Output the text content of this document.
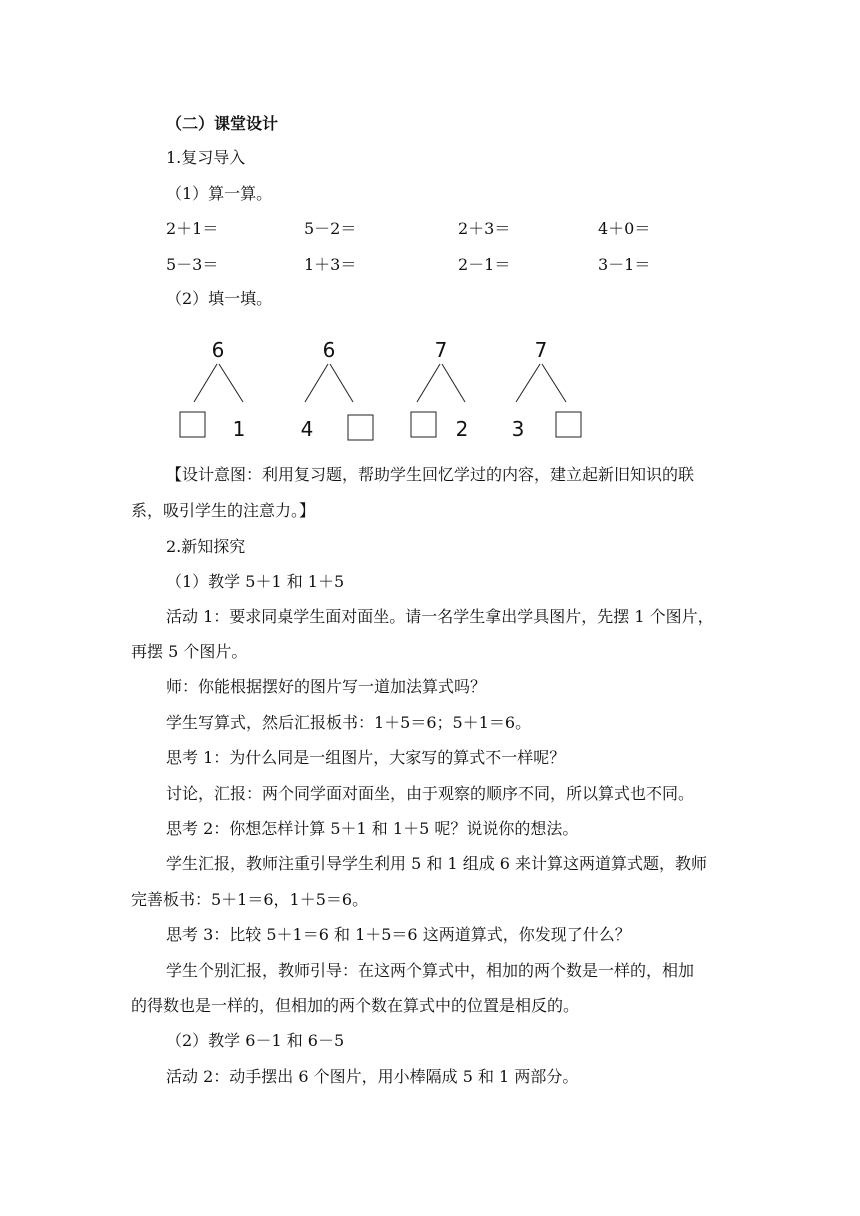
（二）课堂设计
1.复习导入
（1）算一算。
2＋1＝	5－2＝	2＋3＝	4＋0＝
5－3＝	1＋3＝	2－1＝	3－1＝
（2）填一填。
6
1
6
4
7
2
7
3
【设计意图：利用复习题，帮助学生回忆学过的内容，建立起新旧知识的联
系，吸引学生的注意力。】
2.新知探究
（1）教学 5＋1 和 1＋5
活动 1：要求同桌学生面对面坐。请一名学生拿出学具图片，先摆 1 个图片，
再摆 5 个图片。
师：你能根据摆好的图片写一道加法算式吗？
学生写算式，然后汇报板书：1＋5＝6；5＋1＝6。
思考 1：为什么同是一组图片，大家写的算式不一样呢？
讨论，汇报：两个同学面对面坐，由于观察的顺序不同，所以算式也不同。
思考 2：你想怎样计算 5＋1 和 1＋5 呢？说说你的想法。
学生汇报，教师注重引导学生利用 5 和 1 组成 6 来计算这两道算式题，教师
完善板书：5＋1＝6，1＋5＝6。
思考 3：比较 5＋1＝6 和 1＋5＝6 这两道算式，你发现了什么？
学生个别汇报，教师引导：在这两个算式中，相加的两个数是一样的，相加
的得数也是一样的，但相加的两个数在算式中的位置是相反的。
（2）教学 6－1 和 6－5
活动 2：动手摆出 6 个图片，用小棒隔成 5 和 1 两部分。
